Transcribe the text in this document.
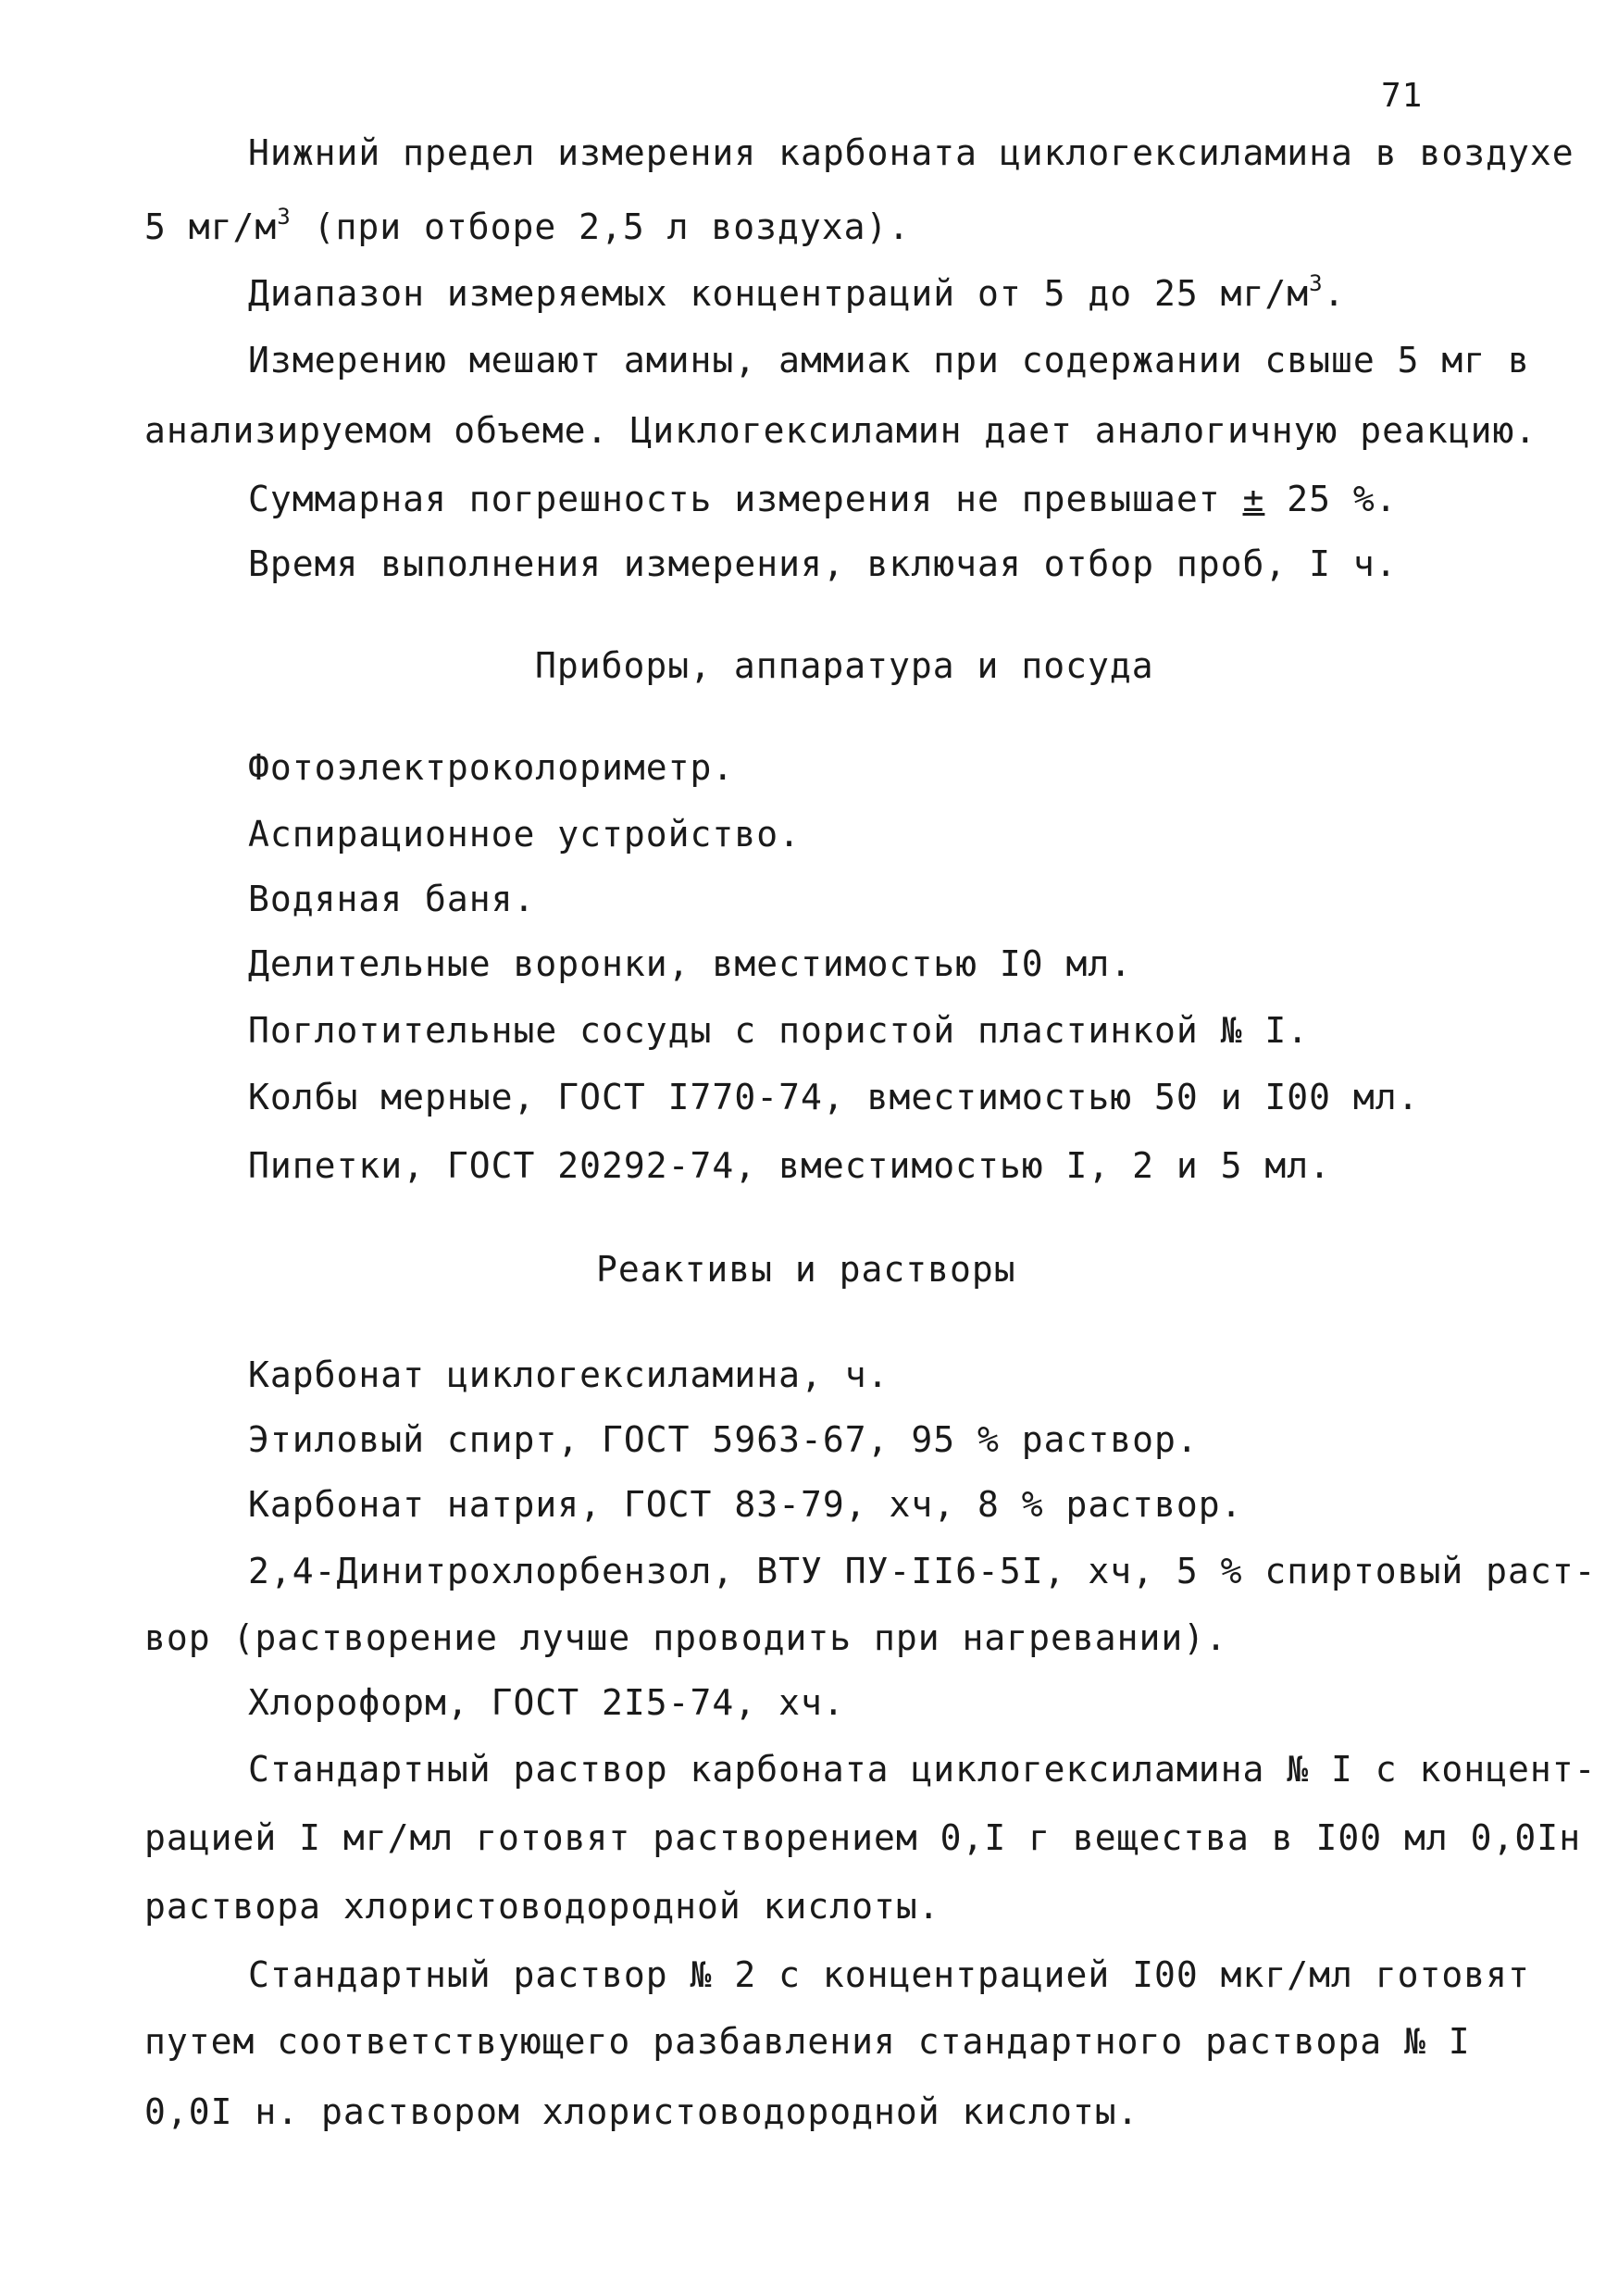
71
Нижний предел измерения карбоната циклогексиламина в воздухе
5 $мг/м^3$ (при отборе 2,5 л воздуха).
Диапазон измеряемых концентраций от 5 до 25 $мг/м^3$.
Измерению мешают амины, аммиак при содержании свыше 5 мг в
анализируемом объеме. Циклогексиламин дает аналогичную реакцию.
Суммарная погрешность измерения не превышает ± 25 %.
Время выполнения измерения, включая отбор проб, I ч.
Приборы, аппаратура и посуда
Фотоэлектроколориметр.
Аспирационное устройство.
Водяная баня.
Делительные воронки, вместимостью I0 мл.
Поглотительные сосуды с пористой пластинкой № I.
Колбы мерные, ГОСТ I770-74, вместимостью 50 и I00 мл.
Пипетки, ГОСТ 20292-74, вместимостью I, 2 и 5 мл.
Реактивы и растворы
Карбонат циклогексиламина, ч.
Этиловый спирт, ГОСТ 5963-67, 95 % раствор.
Карбонат натрия, ГОСТ 83-79, хч, 8 % раствор.
2,4-Динитрохлорбензол, ВТУ ПУ-II6-5I, хч, 5 % спиртовый раст-
вор (растворение лучше проводить при нагревании).
Хлороформ, ГОСТ 2I5-74, хч.
Стандартный раствор карбоната циклогексиламина № I с концент-
рацией I мг/мл готовят растворением 0,I г вещества в I00 мл 0,0Iн
раствора хлористоводородной кислоты.
Стандартный раствор № 2 с концентрацией I00 мкг/мл готовят
путем соответствующего разбавления стандартного раствора № I
0,0I н. раствором хлористоводородной кислоты.
